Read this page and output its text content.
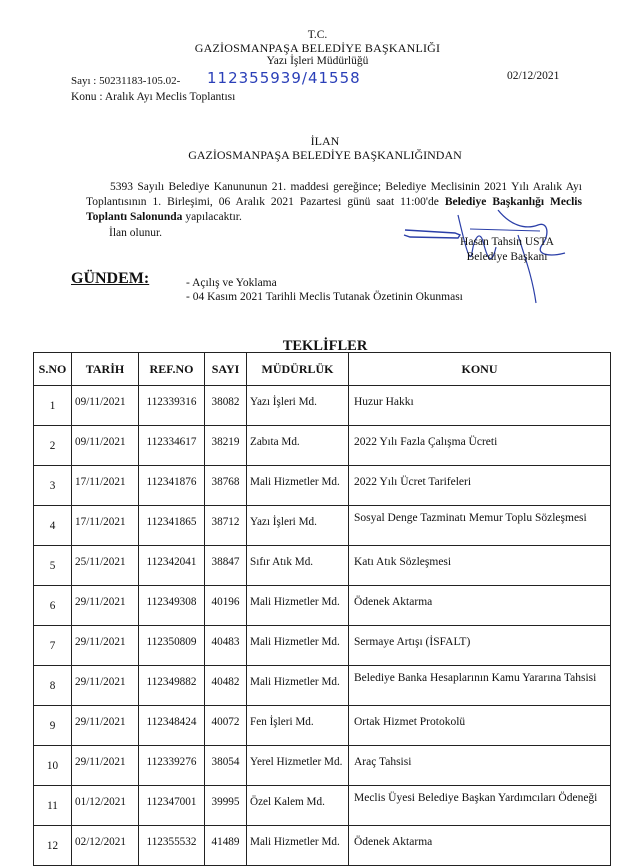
T.C.
GAZİOSMANPAŞA BELEDİYE BAŞKANLIĞI
Yazı İşleri Müdürlüğü
Sayı : 50231183-105.02- 112355939/41558	02/12/2021
Konu : Aralık Ayı Meclis Toplantısı
İLAN
GAZİOSMANPAŞA BELEDİYE BAŞKANLIĞINDAN
5393 Sayılı Belediye Kanununun 21. maddesi gereğince; Belediye Meclisinin 2021 Yılı Aralık Ayı Toplantısının 1. Birleşimi, 06 Aralık 2021 Pazartesi günü saat 11:00'de Belediye Başkanlığı Meclis Toplantı Salonunda yapılacaktır.
İlan olunur.
Hasan Tahsin USTA
Belediye Başkanı
GÜNDEM:	- Açılış ve Yoklama
- 04 Kasım 2021 Tarihli Meclis Tutanak Özetinin Okunması
TEKLİFLER
S.NO	TARİH	REF.NO	SAYI	MÜDÜRLÜK	KONU
1	09/11/2021	112339316	38082	Yazı İşleri Md.	Huzur Hakkı
2	09/11/2021	112334617	38219	Zabıta Md.	2022 Yılı Fazla Çalışma Ücreti
3	17/11/2021	112341876	38768	Mali Hizmetler Md.	2022 Yılı Ücret Tarifeleri
4	17/11/2021	112341865	38712	Yazı İşleri Md.	Sosyal Denge Tazminatı Memur Toplu Sözleşmesi
5	25/11/2021	112342041	38847	Sıfır Atık Md.	Katı Atık Sözleşmesi
6	29/11/2021	112349308	40196	Mali Hizmetler Md.	Ödenek Aktarma
7	29/11/2021	112350809	40483	Mali Hizmetler Md.	Sermaye Artışı (İSFALT)
8	29/11/2021	112349882	40482	Mali Hizmetler Md.	Belediye Banka Hesaplarının Kamu Yararına Tahsisi
9	29/11/2021	112348424	40072	Fen İşleri Md.	Ortak Hizmet Protokolü
10	29/11/2021	112339276	38054	Yerel Hizmetler Md.	Araç Tahsisi
11	01/12/2021	112347001	39995	Özel Kalem Md.	Meclis Üyesi Belediye Başkan Yardımcıları Ödeneği
12	02/12/2021	112355532	41489	Mali Hizmetler Md.	Ödenek Aktarma
